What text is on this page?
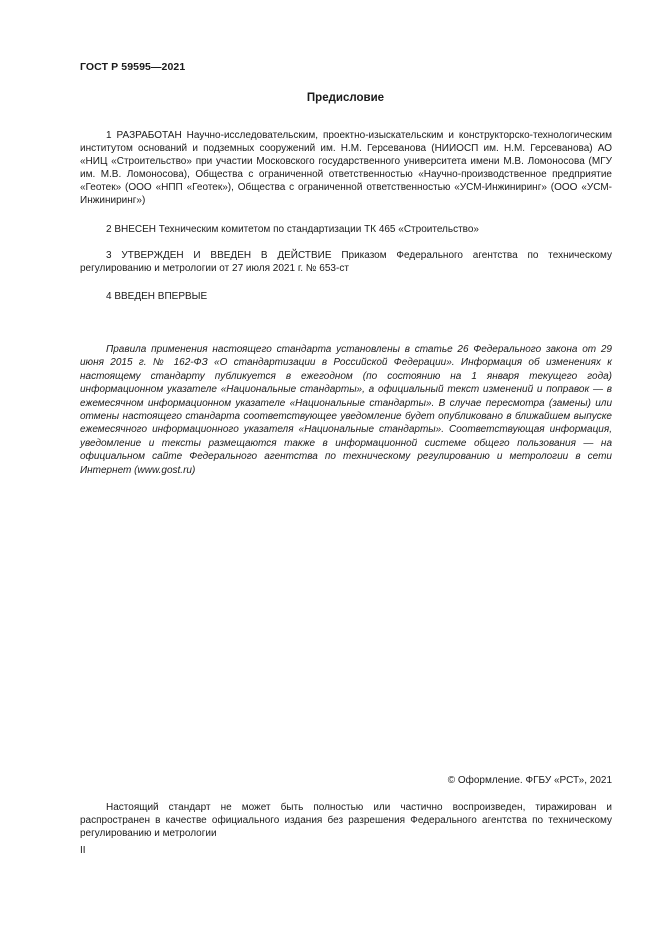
ГОСТ Р 59595—2021
Предисловие

1 РАЗРАБОТАН Научно-исследовательским, проектно-изыскательским и конструкторско-технологическим институтом оснований и подземных сооружений им. Н.М. Герсеванова (НИИОСП им. Н.М. Герсеванова) АО «НИЦ «Строительство» при участии Московского государственного университета имени М.В. Ломоносова (МГУ им. М.В. Ломоносова), Общества с ограниченной ответственностью «Научно-производственное предприятие «Геотек» (ООО «НПП «Геотек»), Общества с ограниченной ответственностью «УСМ-Инжиниринг» (ООО «УСМ-Инжиниринг»)

2 ВНЕСЕН Техническим комитетом по стандартизации ТК 465 «Строительство»

3 УТВЕРЖДЕН И ВВЕДЕН В ДЕЙСТВИЕ Приказом Федерального агентства по техническому регулированию и метрологии от 27 июля 2021 г. № 653-ст

4 ВВЕДЕН ВПЕРВЫЕ

Правила применения настоящего стандарта установлены в статье 26 Федерального закона от 29 июня 2015 г. № 162-ФЗ «О стандартизации в Российской Федерации». Информация об изменениях к настоящему стандарту публикуется в ежегодном (по состоянию на 1 января текущего года) информационном указателе «Национальные стандарты», а официальный текст изменений и поправок — в ежемесячном информационном указателе «Национальные стандарты». В случае пересмотра (замены) или отмены настоящего стандарта соответствующее уведомление будет опубликовано в ближайшем выпуске ежемесячного информационного указателя «Национальные стандарты». Соответствующая информация, уведомление и тексты размещаются также в информационной системе общего пользования — на официальном сайте Федерального агентства по техническому регулированию и метрологии в сети Интернет (www.gost.ru)

© Оформление. ФГБУ «РСТ», 2021

Настоящий стандарт не может быть полностью или частично воспроизведен, тиражирован и распространен в качестве официального издания без разрешения Федерального агентства по техническому регулированию и метрологии

II
